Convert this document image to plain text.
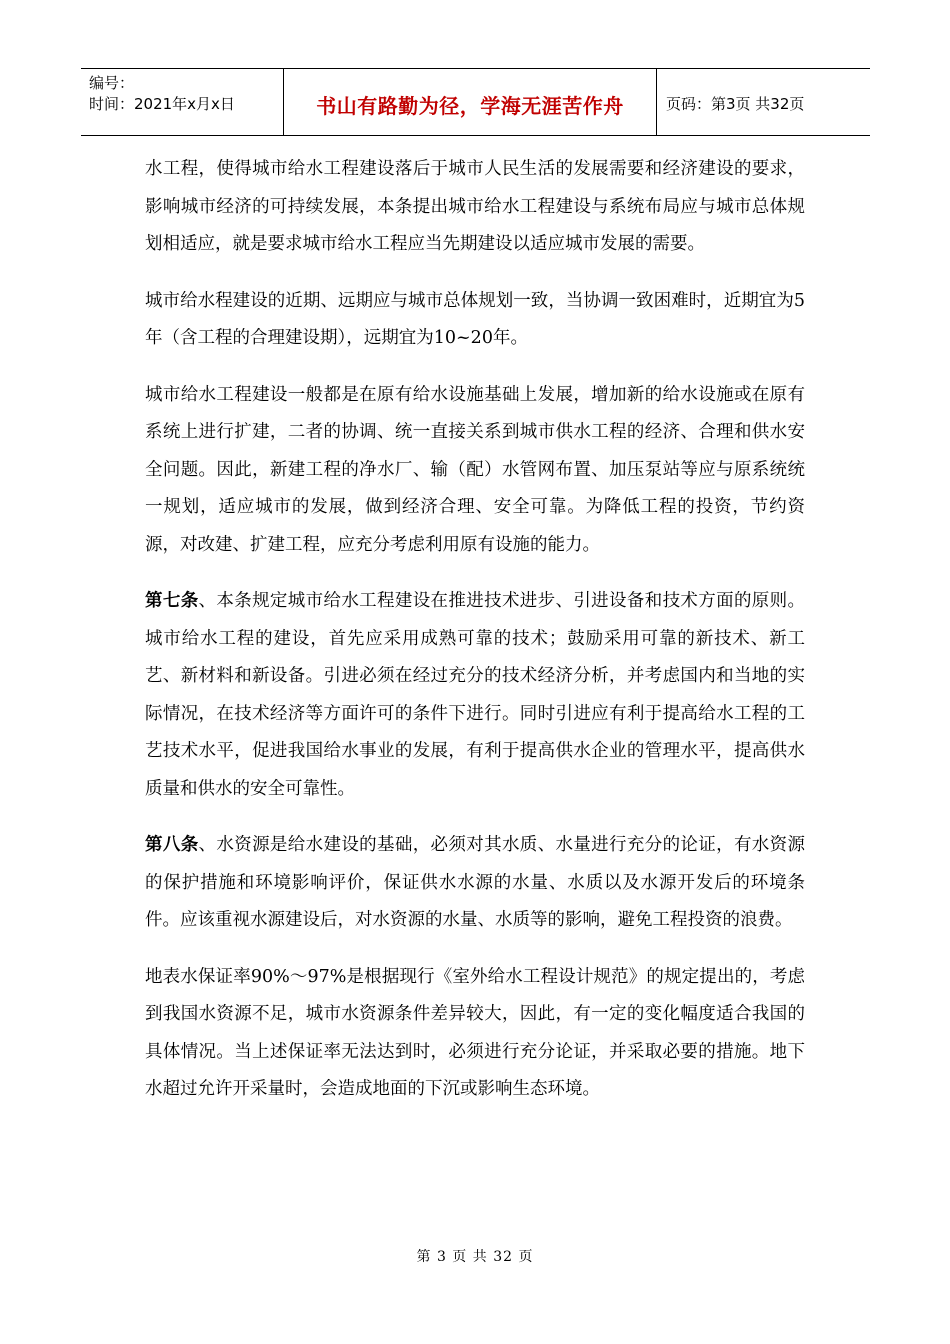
编号：
时间：2021年x月x日	书山有路勤为径，学海无涯苦作舟	页码：第3页 共32页

水工程，使得城市给水工程建设落后于城市人民生活的发展需要和经济建设的要求，影响城市经济的可持续发展，本条提出城市给水工程建设与系统布局应与城市总体规划相适应，就是要求城市给水工程应当先期建设以适应城市发展的需要。

城市给水程建设的近期、远期应与城市总体规划一致，当协调一致困难时，近期宜为5年（含工程的合理建设期），远期宜为10~20年。

城市给水工程建设一般都是在原有给水设施基础上发展，增加新的给水设施或在原有系统上进行扩建，二者的协调、统一直接关系到城市供水工程的经济、合理和供水安全问题。因此，新建工程的净水厂、输（配）水管网布置、加压泵站等应与原系统统一规划，适应城市的发展，做到经济合理、安全可靠。为降低工程的投资，节约资源，对改建、扩建工程，应充分考虑利用原有设施的能力。

第七条、本条规定城市给水工程建设在推进技术进步、引进设备和技术方面的原则。城市给水工程的建设，首先应采用成熟可靠的技术；鼓励采用可靠的新技术、新工艺、新材料和新设备。引进必须在经过充分的技术经济分析，并考虑国内和当地的实际情况，在技术经济等方面许可的条件下进行。同时引进应有利于提高给水工程的工艺技术水平，促进我国给水事业的发展，有利于提高供水企业的管理水平，提高供水质量和供水的安全可靠性。

第八条、水资源是给水建设的基础，必须对其水质、水量进行充分的论证，有水资源的保护措施和环境影响评价，保证供水水源的水量、水质以及水源开发后的环境条件。应该重视水源建设后，对水资源的水量、水质等的影响，避免工程投资的浪费。

地表水保证率90%～97%是根据现行《室外给水工程设计规范》的规定提出的，考虑到我国水资源不足，城市水资源条件差异较大，因此，有一定的变化幅度适合我国的具体情况。当上述保证率无法达到时，必须进行充分论证，并采取必要的措施。地下水超过允许开采量时，会造成地面的下沉或影响生态环境。

第 3 页 共 32 页
